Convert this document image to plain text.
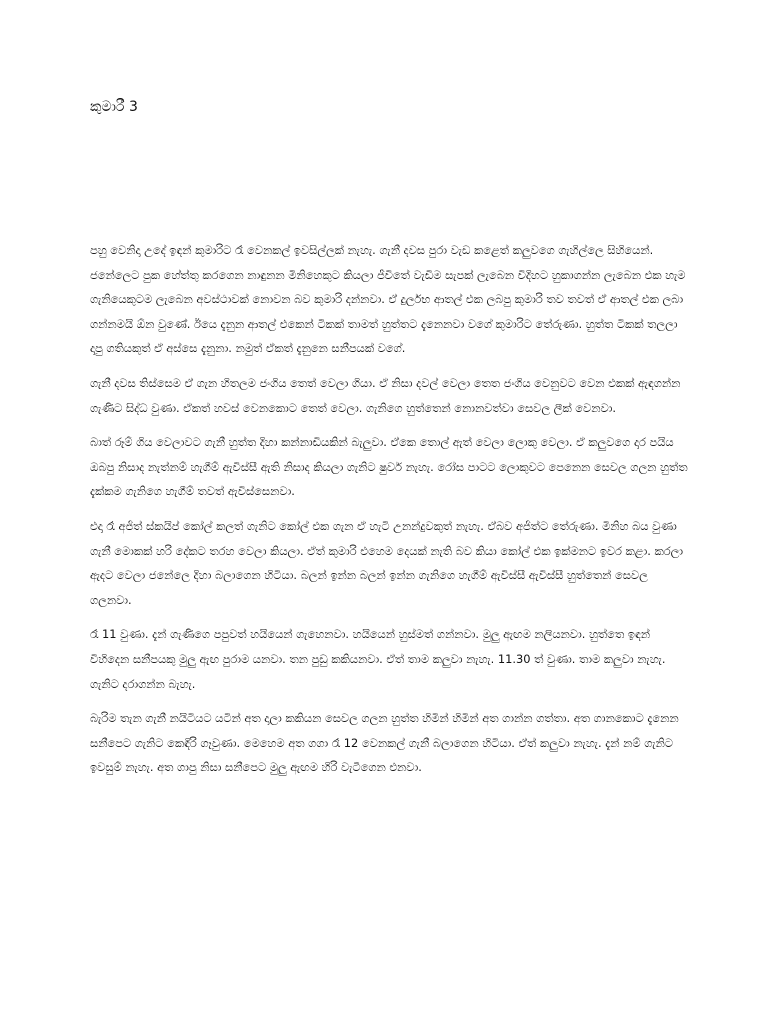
කුමාරී 3

පහු වෙනිදා උදේ ඉඳන් කුමාරිට රෑ වෙනකල් ඉවසිල්ලක් නැහැ. ගැනී දවස පුරා වැඩ කළෙත් කලුවගෙ ගැහිල්ලෙ සිහියෙන්. ජනේලෙට පුක හේත්තු කරගෙන නාඳුනන මිනිහෙකුට කියලා ජීවිතේ වැඩිම සැපක් ලැබෙන විදිහට හුකාගන්න ලැබෙන එක හැම ගැනියෙකුටම ලැබෙන අවස්ථාවක් නොවන බව කුමාරි දන්නවා. ඒ දුර්ලභ ආතල් එක ලබපු කුමාරි තව තවත් ඒ ආතල් එක ලබා ගන්නමයි ඕන වුණේ. ඊයෙ දැනුන ආතල් එකෙන් ටිකක් තාමත් හුත්තට දැනෙනවා වගේ කුමාරිට තේරුණා. හුත්ත ටිකක් තලලා දාපු ගතියකුත් ඒ අස්සෙ දැනුනා. නමුත් ඒකත් දැනුනෙ සනීපයක් වගේ.

ගැනී දවස තිස්සෙම ඒ ගැන හිතලම ජංගිය තෙත් වෙලා ගියා. ඒ නිසා දවල් වෙලා තෙත ජංගිය වෙනුවට වෙන එකක් ඇඳගන්න ගැණිට සිද්ධ වුණා. ඒකත් හවස් වෙනකොට තෙත් වෙලා. ගැනිගෙ හුත්තෙන් නොනවත්වා සෙවල ලීක් වෙනවා.

බාත් රූම් ගිය වෙලාවට ගැනී හුත්ත දිහා කන්නාඩියකින් බැලුවා. ඒකෙ තොල් ඇත් වෙලා ලොකු වෙලා. ඒ කලුවගෙ දාර පයිය ඔබපු නිසාද නැත්නම් හැගීම් ඇවිස්සී ඇති නිසාද කියලා ගැනිට ෂුවර් නැහැ. රෝස පාටට ලොකුවට පෙනෙන සෙවල ගලන හුත්ත දැක්කම ගැනිගෙ හැගීම් තවත් ඇවිස්සෙනවා.

එදා රෑ අජිත් ස්කයිප් කෝල් කලත් ගැනිට කෝල් එක ගැන ඒ හැටි උනන්දුවකුත් නැහැ. ඒබව අජිත්ට තේරුණා. මිනිහ බය වුණා ගැනී මොකක් හරි දේකට තරහ වෙලා කියලා. ඒත් කුමාරි එහෙම දෙයක් නැති බව කියා කෝල් එක ඉක්මනට ඉවර කළා. කරලා ඇදට වෙලා ජනේලෙ දිහා බලාගෙන හිටියා. බලන් ඉන්න බලන් ඉන්න ගැනිගෙ හැගීම් ඇවිස්සී ඇවිස්සී හුත්තෙන් සෙවල ගලනවා.

රෑ 11 වුණා. දැන් ගැණිගෙ පපුවත් හයියෙන් ගැහෙනවා. හයියෙන් හුස්මත් ගන්නවා. මුලු ඇඟම නලියනවා. හුත්තෙ ඉඳන් විහිදෙන සනීපයකු මුලු ඇඟ පුරාම යනවා. තන පුඩු කකියනවා. ඒත් තාම කලුවා නැහැ. 11.30 ත් වුණා. තාම කලුවා නැහැ. ගැනිට දරාගන්න බැහැ.

බැරිම තැන ගැනී නයිටියට යටින් අත දාලා කකියන සෙවල ගලන හුත්ත හිමින් හිමින් අත ගාන්න ගත්තා. අත ගානකොට දැනෙන සනීපෙට ගැනිට කෙඳිරි ගෑවුණා. මෙහෙම අත ගගා රෑ 12 වෙනකල් ගැනී බලාගෙන හිටියා. ඒත් කලුවා නැහැ. දැන් නම් ගැනිට ඉවසුම් නැහැ. අත ගාපු නිසා සනීපෙට මුලු ඇඟම හිරි වැටීගෙන එනවා.
